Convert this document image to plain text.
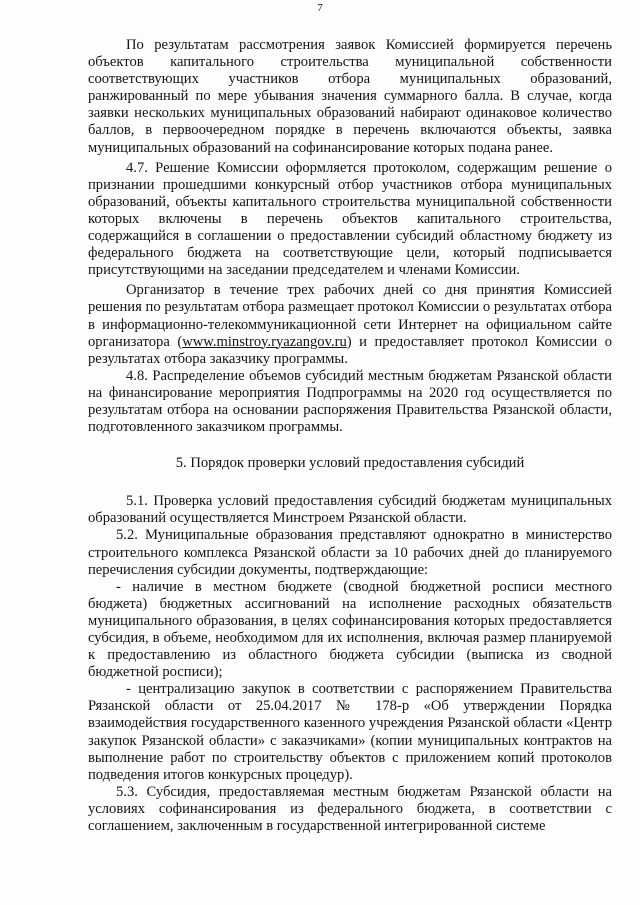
7

По результатам рассмотрения заявок Комиссией формируется перечень объектов капитального строительства муниципальной собственности соответствующих участников отбора муниципальных образований, ранжированный по мере убывания значения суммарного балла. В случае, когда заявки нескольких муниципальных образований набирают одинаковое количество баллов, в первоочередном порядке в перечень включаются объекты, заявка муниципальных образований на софинансирование которых подана ранее.

4.7. Решение Комиссии оформляется протоколом, содержащим решение о признании прошедшими конкурсный отбор участников отбора муниципальных образований, объекты капитального строительства муниципальной собственности которых включены в перечень объектов капитального строительства, содержащийся в соглашении о предоставлении субсидий областному бюджету из федерального бюджета на соответствующие цели, который подписывается присутствующими на заседании председателем и членами Комиссии.

Организатор в течение трех рабочих дней со дня принятия Комиссией решения по результатам отбора размещает протокол Комиссии о результатах отбора в информационно-телекоммуникационной сети Интернет на официальном сайте организатора (www.minstroy.ryazangov.ru) и предоставляет протокол Комиссии о результатах отбора заказчику программы.

4.8. Распределение объемов субсидий местным бюджетам Рязанской области на финансирование мероприятия Подпрограммы на 2020 год осуществляется по результатам отбора на основании распоряжения Правительства Рязанской области, подготовленного заказчиком программы.

5. Порядок проверки условий предоставления субсидий

5.1. Проверка условий предоставления субсидий бюджетам муниципальных образований осуществляется Минстроем Рязанской области.

5.2. Муниципальные образования представляют однократно в министерство строительного комплекса Рязанской области за 10 рабочих дней до планируемого перечисления субсидии документы, подтверждающие:

- наличие в местном бюджете (сводной бюджетной росписи местного бюджета) бюджетных ассигнований на исполнение расходных обязательств муниципального образования, в целях софинансирования которых предоставляется субсидия, в объеме, необходимом для их исполнения, включая размер планируемой к предоставлению из областного бюджета субсидии (выписка из сводной бюджетной росписи);

- централизацию закупок в соответствии с распоряжением Правительства Рязанской области от 25.04.2017 № 178-р «Об утверждении Порядка взаимодействия государственного казенного учреждения Рязанской области «Центр закупок Рязанской области» с заказчиками» (копии муниципальных контрактов на выполнение работ по строительству объектов с приложением копий протоколов подведения итогов конкурсных процедур).

5.3. Субсидия, предоставляемая местным бюджетам Рязанской области на условиях софинансирования из федерального бюджета, в соответствии с соглашением, заключенным в государственной интегрированной системе
